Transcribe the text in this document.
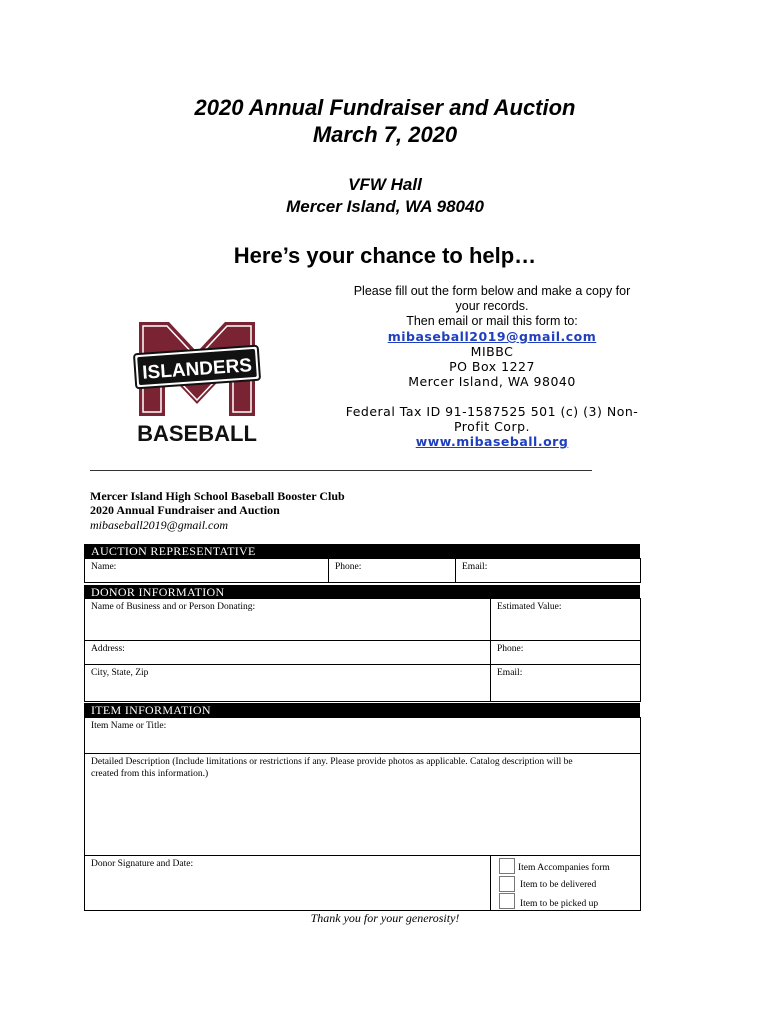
2020 Annual Fundraiser and Auction
March 7, 2020
VFW Hall
Mercer Island, WA 98040
Here’s your chance to help…
Please fill out the form below and make a copy for
your records.
Then email or mail this form to:
mibaseball2019@gmail.com
MIBBC
PO Box 1227
Mercer Island, WA 98040
Federal Tax ID 91-1587525 501 (c) (3) Non-
Profit Corp.
www.mibaseball.org
ISLANDERS
BASEBALL
Mercer Island High School Baseball Booster Club
2020 Annual Fundraiser and Auction
mibaseball2019@gmail.com
AUCTION REPRESENTATIVE
Name:	Phone:	Email:
DONOR INFORMATION
Name of Business and or Person Donating:	Estimated Value:
Address:	Phone:
City, State, Zip	Email:
ITEM INFORMATION
Item Name or Title:
Detailed Description (Include limitations or restrictions if any. Please provide photos as applicable. Catalog description will be
created from this information.)
Donor Signature and Date:	Item Accompanies form
Item to be delivered
Item to be picked up
Thank you for your generosity!
